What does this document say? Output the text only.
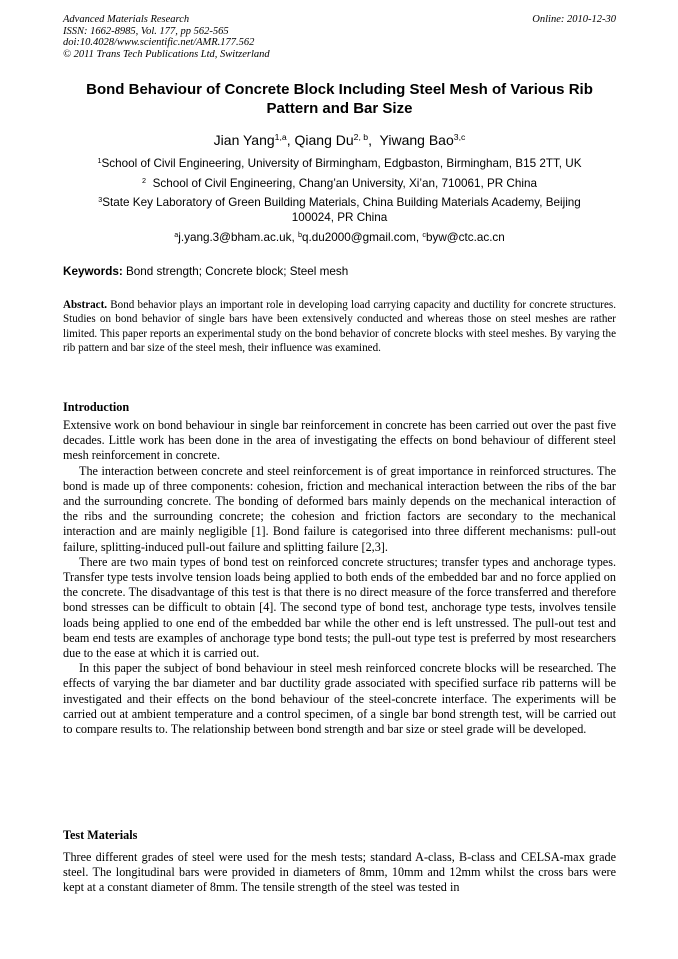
Advanced Materials Research
ISSN: 1662-8985, Vol. 177, pp 562-565
doi:10.4028/www.scientific.net/AMR.177.562
© 2011 Trans Tech Publications Ltd, Switzerland
Online: 2010-12-30
Bond Behaviour of Concrete Block Including Steel Mesh of Various Rib
Pattern and Bar Size
Jian Yang$^{1,a}$, Qiang Du$^{2, b}$,  Yiwang Bao$^{3,c}$
$^1$School of Civil Engineering, University of Birmingham, Edgbaston, Birmingham, B15 2TT, UK
$^2$ School of Civil Engineering, Chang’an University, Xi’an, 710061, PR China
$^3$State Key Laboratory of Green Building Materials, China Building Materials Academy, Beijing 100024, PR China
$^a$j.yang.3@bham.ac.uk, $^b$q.du2000@gmail.com, $^c$byw@ctc.ac.cn
Keywords: Bond strength; Concrete block; Steel mesh
Abstract. Bond behavior plays an important role in developing load carrying capacity and ductility for concrete structures. Studies on bond behavior of single bars have been extensively conducted and whereas those on steel meshes are rather limited. This paper reports an experimental study on the bond behavior of concrete blocks with steel meshes. By varying the rib pattern and bar size of the steel mesh, their influence was examined.
Introduction

Extensive work on bond behaviour in single bar reinforcement in concrete has been carried out over the past five decades. Little work has been done in the area of investigating the effects on bond behaviour of different steel mesh reinforcement in concrete.

The interaction between concrete and steel reinforcement is of great importance in reinforced structures. The bond is made up of three components: cohesion, friction and mechanical interaction between the ribs of the bar and the surrounding concrete. The bonding of deformed bars mainly depends on the mechanical interaction of the ribs and the surrounding concrete; the cohesion and friction factors are secondary to the mechanical interaction and are mainly negligible [1]. Bond failure is categorised into three different mechanisms: pull-out failure, splitting-induced pull-out failure and splitting failure [2,3].

There are two main types of bond test on reinforced concrete structures; transfer types and anchorage types. Transfer type tests involve tension loads being applied to both ends of the embedded bar and no force applied on the concrete. The disadvantage of this test is that there is no direct measure of the force transferred and therefore bond stresses can be difficult to obtain [4]. The second type of bond test, anchorage type tests, involves tensile loads being applied to one end of the embedded bar while the other end is left unstressed. The pull-out test and beam end tests are examples of anchorage type bond tests; the pull-out type test is preferred by most researchers due to the ease at which it is carried out.

In this paper the subject of bond behaviour in steel mesh reinforced concrete blocks will be researched. The effects of varying the bar diameter and bar ductility grade associated with specified surface rib patterns will be investigated and their effects on the bond behaviour of the steel-concrete interface. The experiments will be carried out at ambient temperature and a control specimen, of a single bar bond strength test, will be carried out to compare results to. The relationship between bond strength and bar size or steel grade will be developed.

Test Materials

Three different grades of steel were used for the mesh tests; standard A-class, B-class and CELSA-max grade steel. The longitudinal bars were provided in diameters of 8mm, 10mm and 12mm whilst the cross bars were kept at a constant diameter of 8mm. The tensile strength of the steel was tested in
